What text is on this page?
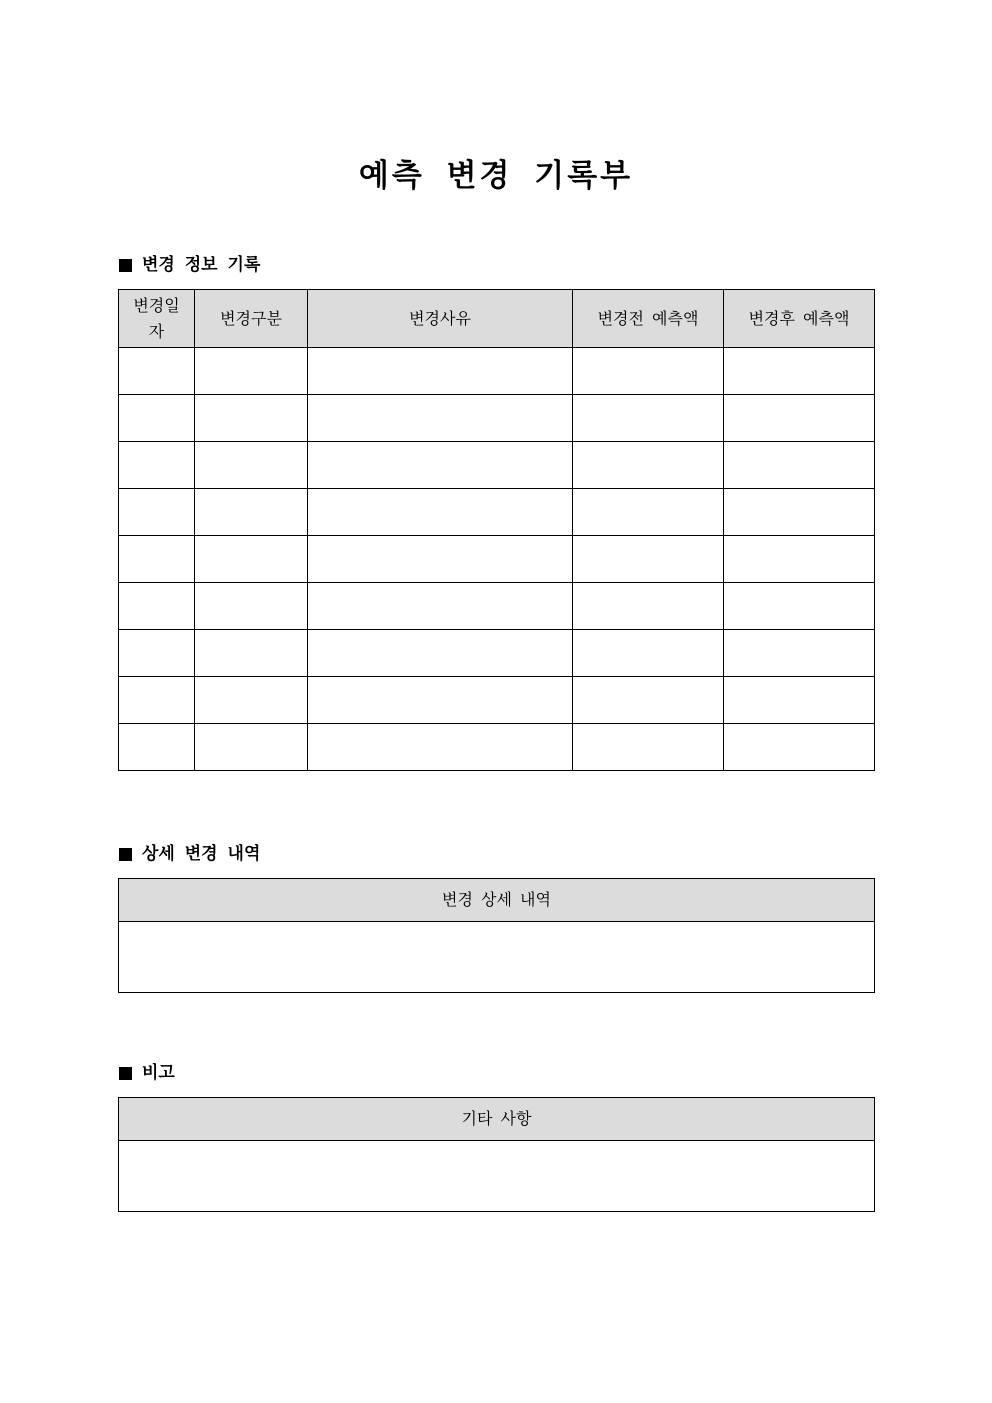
예측 변경 기록부
변경 정보 기록
변경일자	변경구분	변경사유	변경전 예측액	변경후 예측액

상세 변경 내역
변경 상세 내역

비고
기타 사항
